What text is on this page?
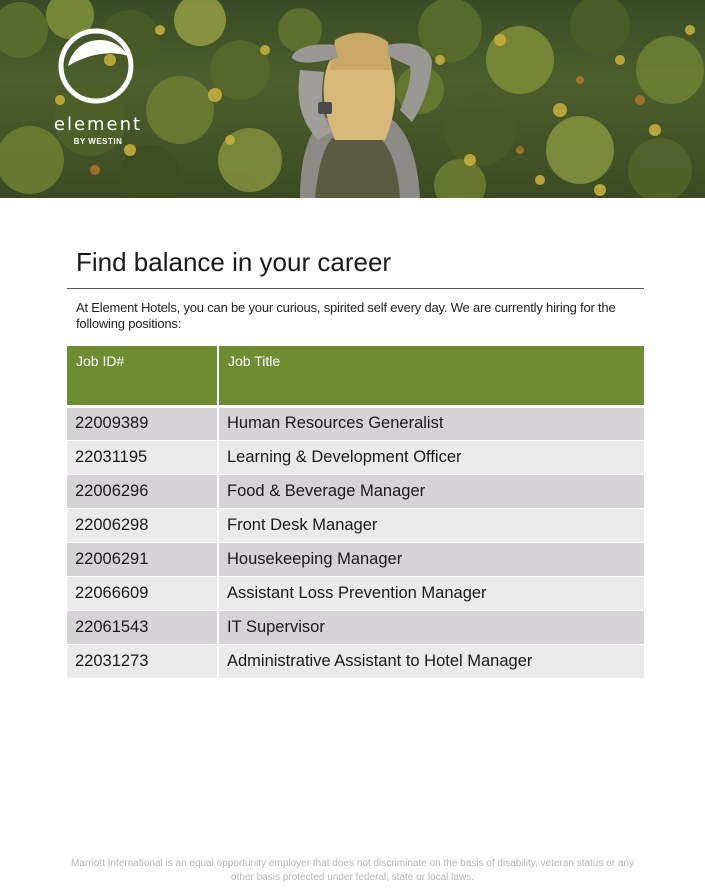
element
BY WESTIN
Find balance in your career

At Element Hotels, you can be your curious, spirited self every day. We are currently hiring for the following positions:

Job ID#	Job Title
22009389	Human Resources Generalist
22031195	Learning & Development Officer
22006296	Food & Beverage Manager
22006298	Front Desk Manager
22006291	Housekeeping Manager
22066609	Assistant Loss Prevention Manager
22061543	IT Supervisor
22031273	Administrative Assistant to Hotel Manager

Marriott International is an equal opportunity employer that does not discriminate on the basis of disability, veteran status or any other basis protected under federal, state or local laws.
